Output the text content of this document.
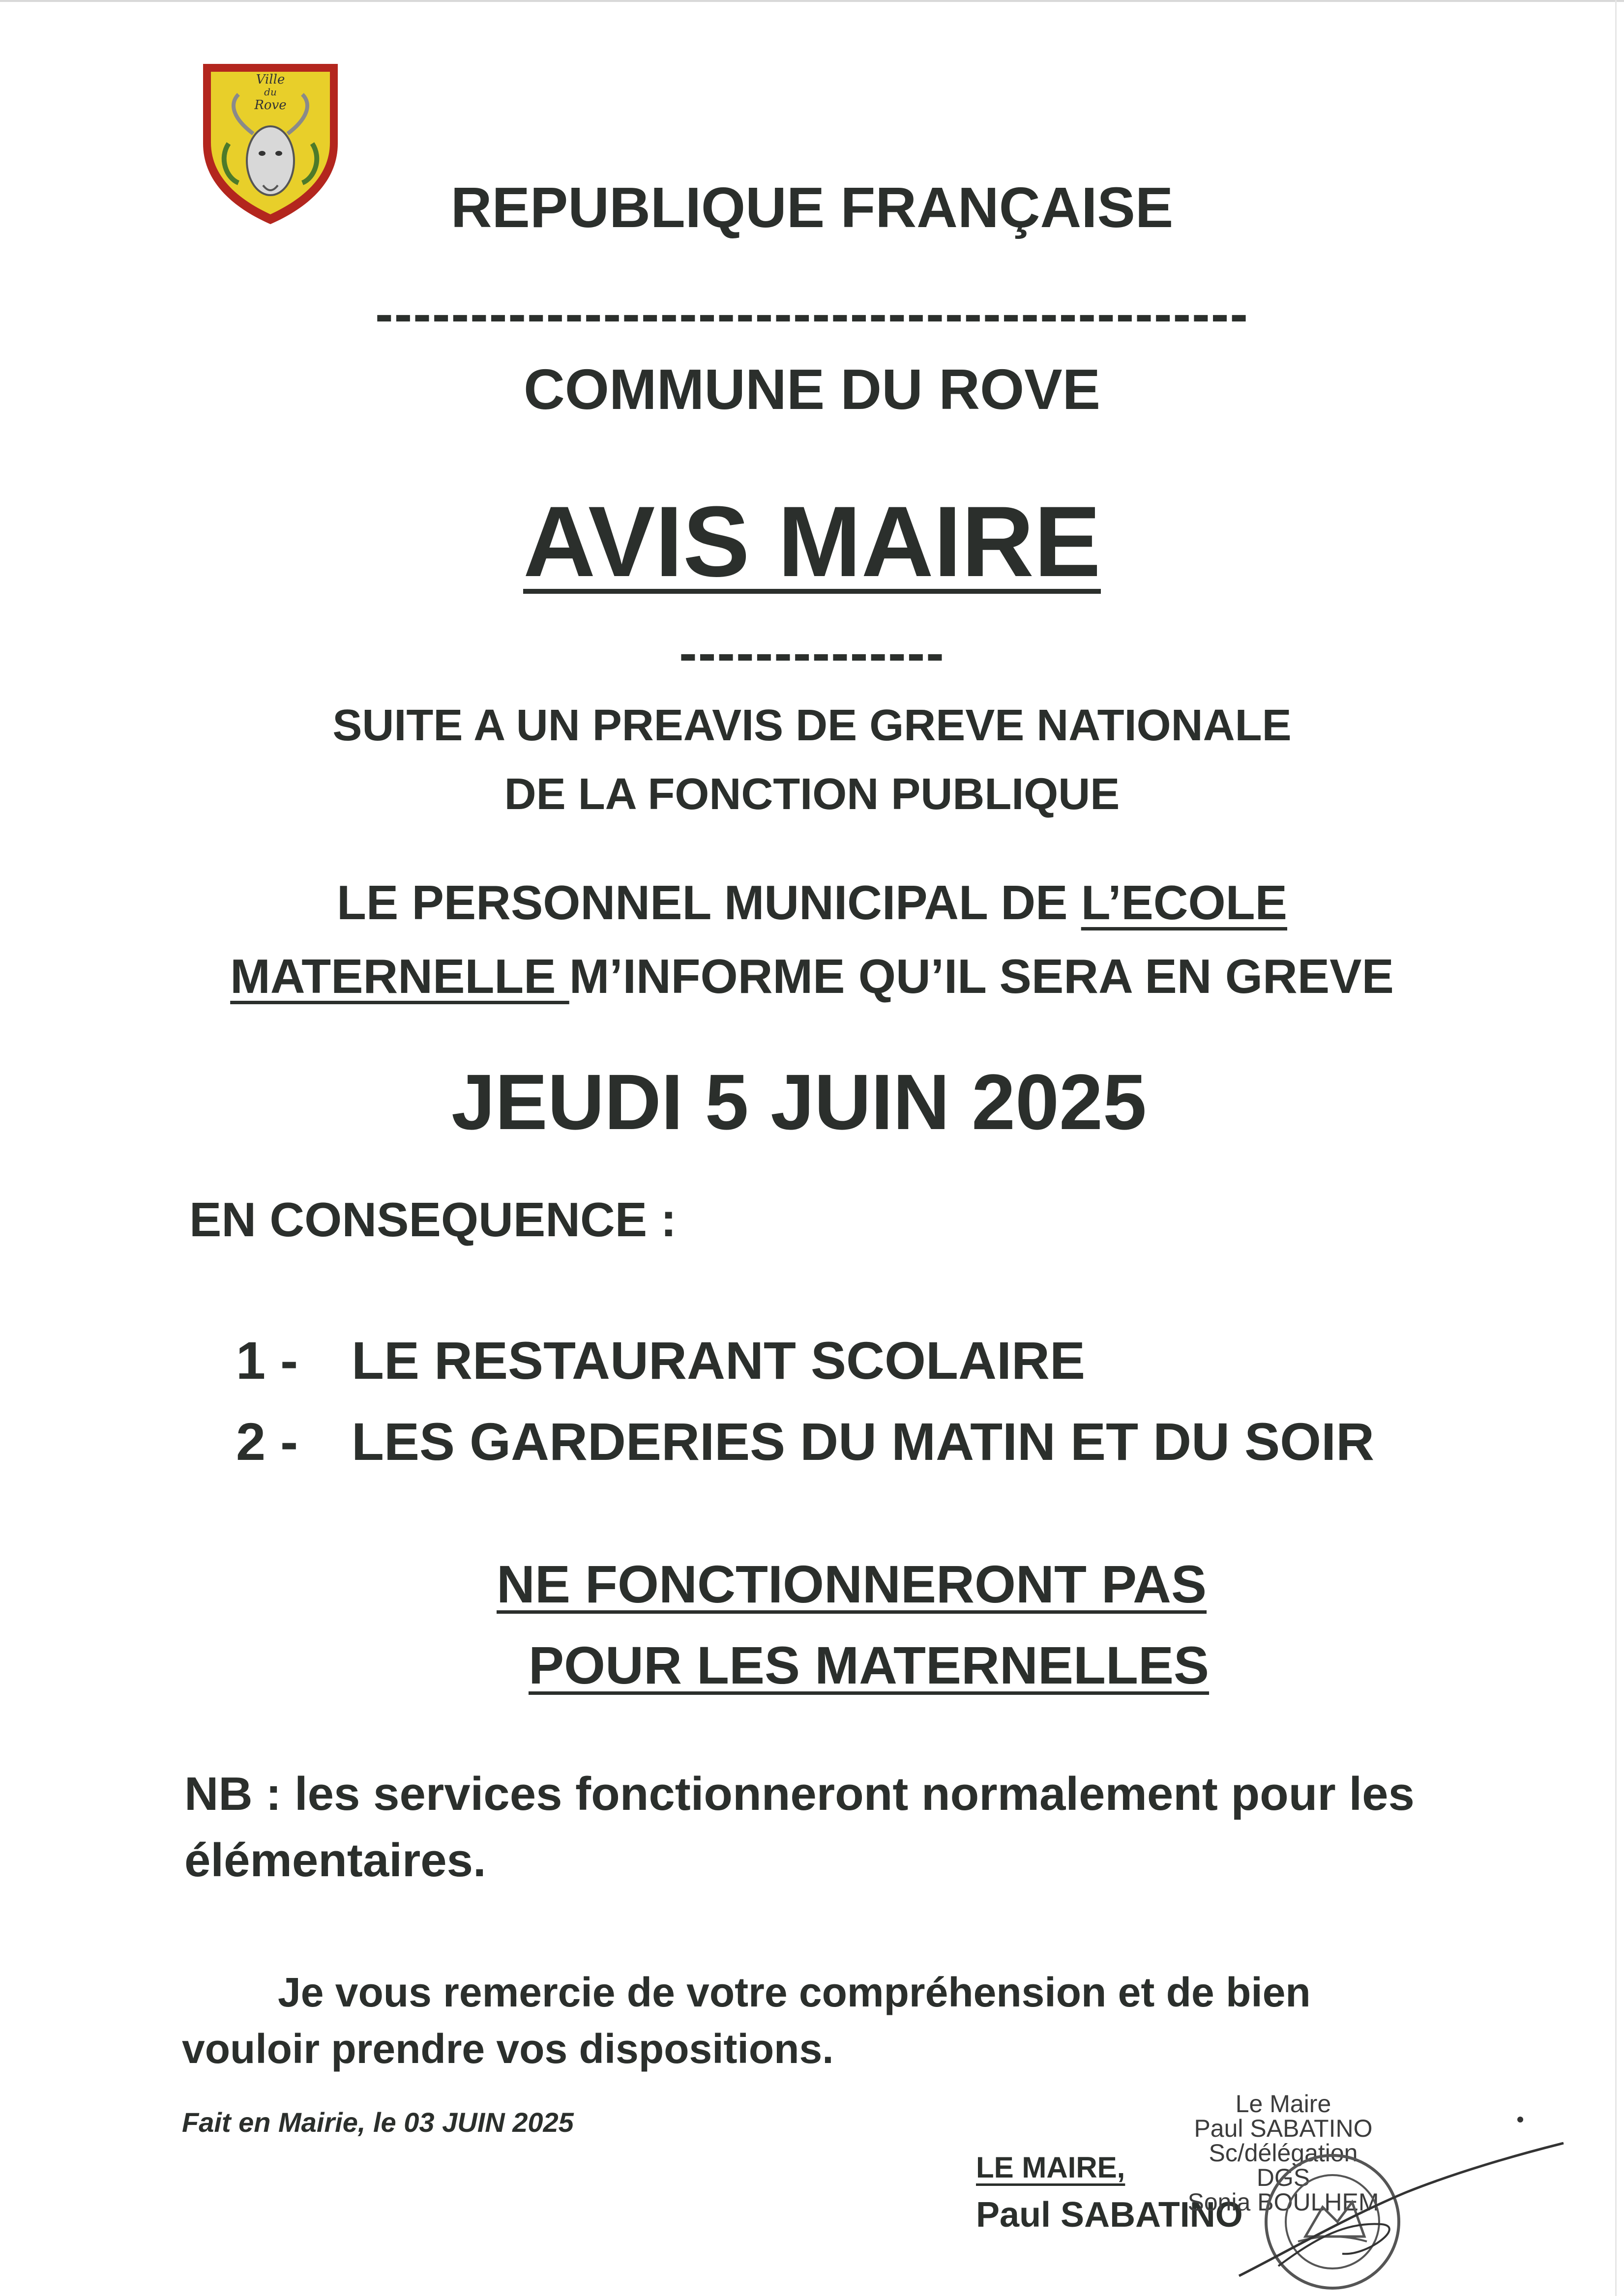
Ville
du
Rove
REPUBLIQUE FRANÇAISE
----------------------------------------------
COMMUNE DU ROVE
AVIS MAIRE
--------------
SUITE A UN PREAVIS DE GREVE NATIONALE
DE LA FONCTION PUBLIQUE
LE PERSONNEL MUNICIPAL DE L’ECOLE
MATERNELLE M’INFORME QU’IL SERA EN GREVE
JEUDI 5 JUIN 2025
EN CONSEQUENCE :
1 - LE RESTAURANT SCOLAIRE
2 - LES GARDERIES DU MATIN ET DU SOIR
NE FONCTIONNERONT PAS
POUR LES MATERNELLES
NB : les services fonctionneront normalement pour les
élémentaires.
Je vous remercie de votre compréhension et de bien
vouloir prendre vos dispositions.
Fait en Mairie, le 03 JUIN 2025
LE MAIRE,
Paul SABATINO
Le Maire
Paul SABATINO
Sc/délégation
DGS
Sonia BOULHEM
